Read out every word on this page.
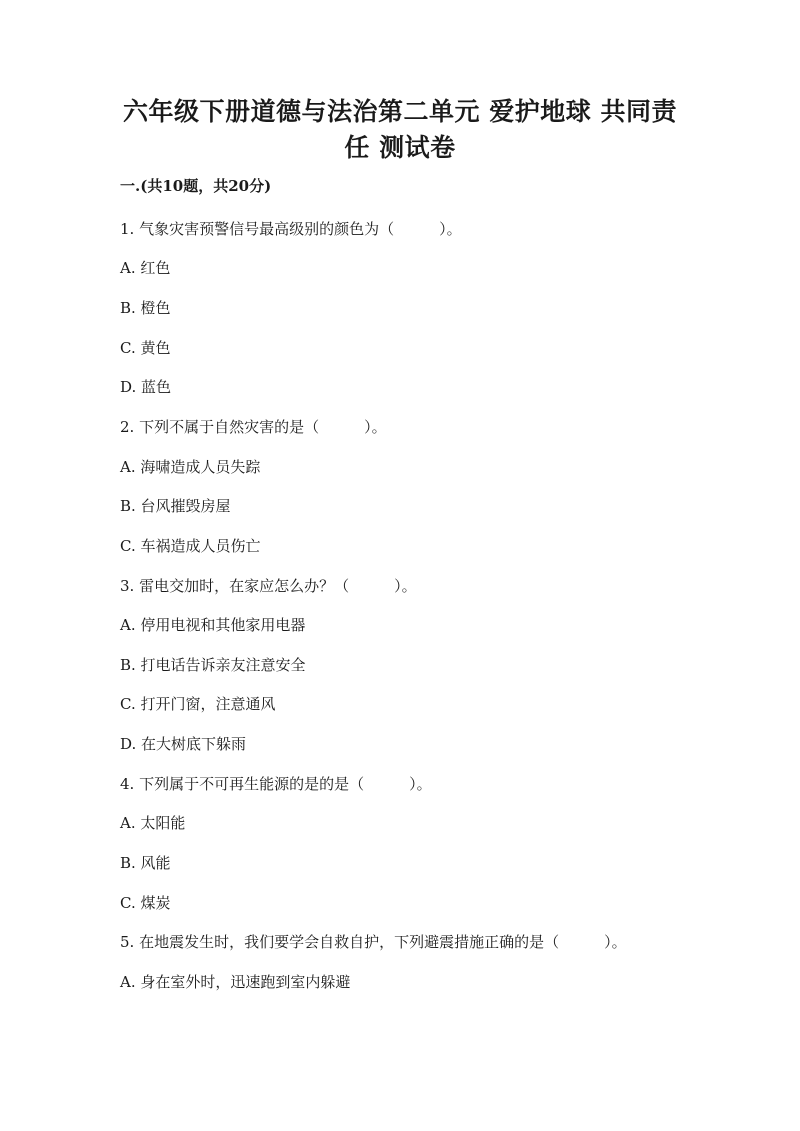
六年级下册道德与法治第二单元 爱护地球 共同责
任 测试卷
一.(共10题，共20分)
1. 气象灾害预警信号最高级别的颜色为（　　　）。
A. 红色
B. 橙色
C. 黄色
D. 蓝色
2. 下列不属于自然灾害的是（　　　）。
A. 海啸造成人员失踪
B. 台风摧毁房屋
C. 车祸造成人员伤亡
3. 雷电交加时，在家应怎么办？（　　　）。
A. 停用电视和其他家用电器
B. 打电话告诉亲友注意安全
C. 打开门窗，注意通风
D. 在大树底下躲雨
4. 下列属于不可再生能源的是的是（　　　）。
A. 太阳能
B. 风能
C. 煤炭
5. 在地震发生时，我们要学会自救自护，下列避震措施正确的是（　　　）。
A. 身在室外时，迅速跑到室内躲避
